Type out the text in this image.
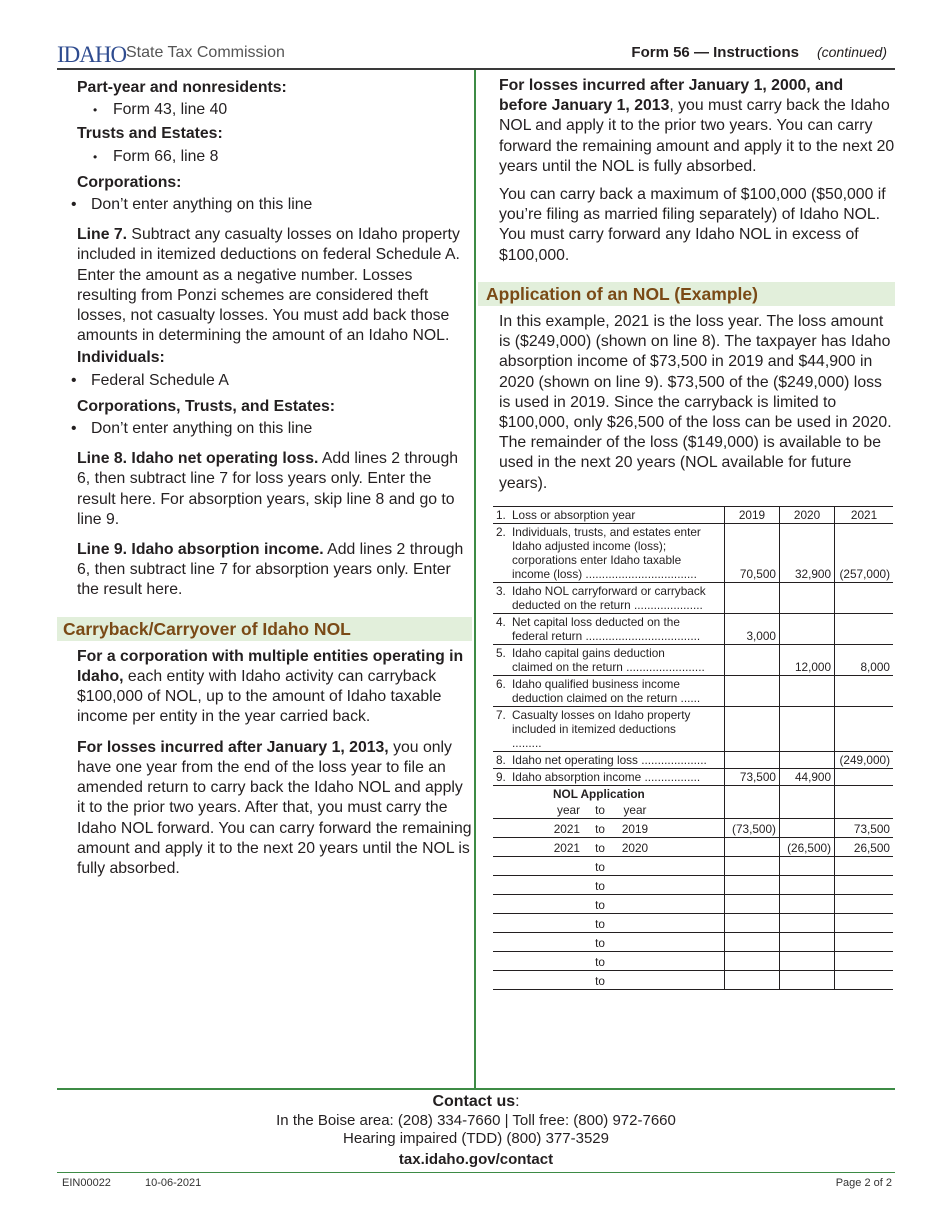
IDAHO State Tax Commission	Form 56 — Instructions (continued)

Part-year and nonresidents:

• Form 43, line 40

Trusts and Estates:

• Form 66, line 8

Corporations:

• Don’t enter anything on this line

Line 7. Subtract any casualty losses on Idaho property included in itemized deductions on federal Schedule A. Enter the amount as a negative number. Losses resulting from Ponzi schemes are considered theft losses, not casualty losses. You must add back those amounts in determining the amount of an Idaho NOL.

Individuals:

• Federal Schedule A

Corporations, Trusts, and Estates:

• Don’t enter anything on this line

Line 8. Idaho net operating loss. Add lines 2 through 6, then subtract line 7 for loss years only. Enter the result here. For absorption years, skip line 8 and go to line 9.

Line 9. Idaho absorption income. Add lines 2 through 6, then subtract line 7 for absorption years only. Enter the result here.

Carryback/Carryover of Idaho NOL

For a corporation with multiple entities operating in Idaho, each entity with Idaho activity can carryback $100,000 of NOL, up to the amount of Idaho taxable income per entity in the year carried back.

For losses incurred after January 1, 2013, you only have one year from the end of the loss year to file an amended return to carry back the Idaho NOL and apply it to the prior two years. After that, you must carry the Idaho NOL forward. You can carry forward the remaining amount and apply it to the next 20 years until the NOL is fully absorbed.

For losses incurred after January 1, 2000, and before January 1, 2013, you must carry back the Idaho NOL and apply it to the prior two years. You can carry forward the remaining amount and apply it to the next 20 years until the NOL is fully absorbed.

You can carry back a maximum of $100,000 ($50,000 if you’re filing as married filing separately) of Idaho NOL. You must carry forward any Idaho NOL in excess of $100,000.

Application of an NOL (Example)

In this example, 2021 is the loss year. The loss amount is ($249,000) (shown on line 8). The taxpayer has Idaho absorption income of $73,500 in 2019 and $44,900 in 2020 (shown on line 9). $73,500 of the ($249,000) loss is used in 2019. Since the carryback is limited to $100,000, only $26,500 of the loss can be used in 2020. The remainder of the loss ($149,000) is available to be used in the next 20 years (NOL available for future years).

1. Loss or absorption year	2019	2020	2021
2. Individuals, trusts, and estates enter Idaho adjusted income (loss); corporations enter Idaho taxable income (loss) ..................................	70,500	32,900	(257,000)
3. Idaho NOL carryforward or carryback deducted on the return .....................			
4. Net capital loss deducted on the federal return ...................................	3,000		
5. Idaho capital gains deduction claimed on the return ........................		12,000	8,000
6. Idaho qualified business income deduction claimed on the return ......			
7. Casualty losses on Idaho property included in itemized deductions .........			
8. Idaho net operating loss ....................			(249,000)
9. Idaho absorption income .................	73,500	44,900	
NOL Application			
year to year			
2021 to 2019	(73,500)		73,500
2021 to 2020		(26,500)	26,500
to			
to			
to			
to			
to			
to			
to			
Contact us:
In the Boise area: (208) 334-7660 | Toll free: (800) 972-7660
Hearing impaired (TDD) (800) 377-3529
tax.idaho.gov/contact
EIN00022	10-06-2021	Page 2 of 2
